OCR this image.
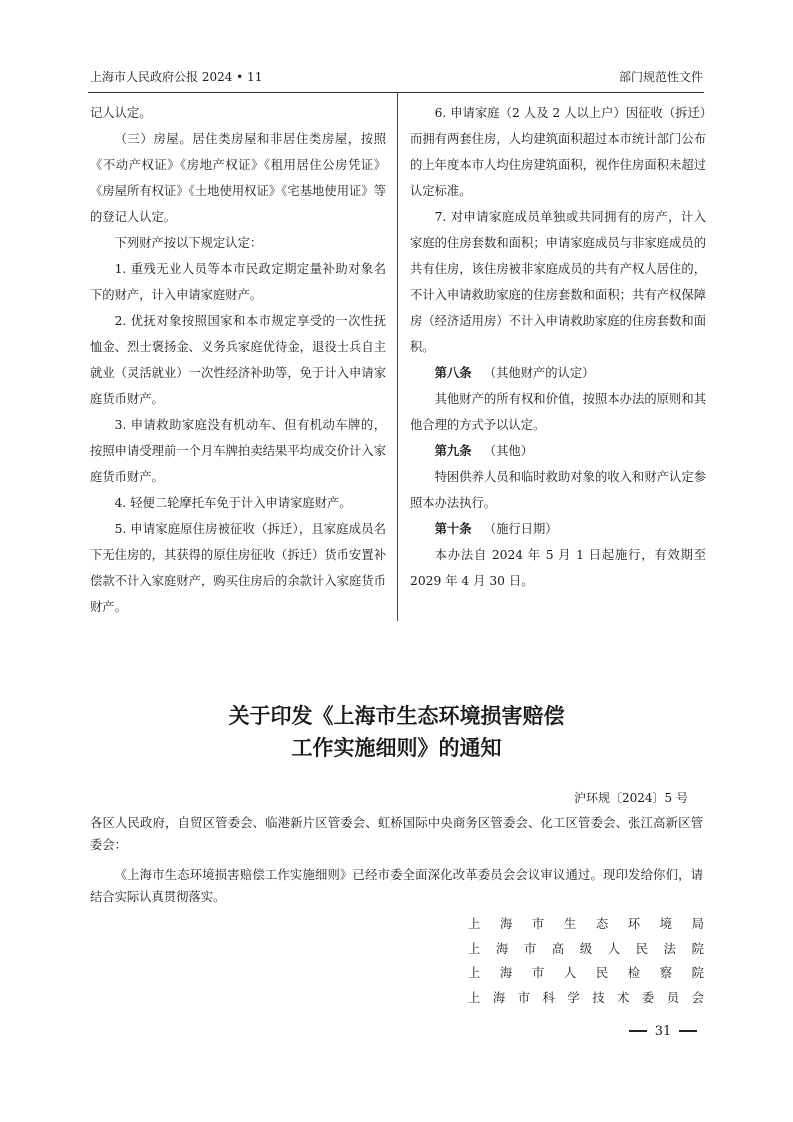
上海市人民政府公报 2024 • 11	部门规范性文件

记人认定。

（三）房屋。居住类房屋和非居住类房屋，按照《不动产权证》《房地产权证》《租用居住公房凭证》《房屋所有权证》《土地使用权证》《宅基地使用证》等的登记人认定。

下列财产按以下规定认定：

1. 重残无业人员等本市民政定期定量补助对象名下的财产，计入申请家庭财产。

2. 优抚对象按照国家和本市规定享受的一次性抚恤金、烈士褒扬金、义务兵家庭优待金，退役士兵自主就业（灵活就业）一次性经济补助等，免于计入申请家庭货币财产。

3. 申请救助家庭没有机动车、但有机动车牌的，按照申请受理前一个月车牌拍卖结果平均成交价计入家庭货币财产。

4. 轻便二轮摩托车免于计入申请家庭财产。

5. 申请家庭原住房被征收（拆迁），且家庭成员名下无住房的，其获得的原住房征收（拆迁）货币安置补偿款不计入家庭财产，购买住房后的余款计入家庭货币财产。

6. 申请家庭（2 人及 2 人以上户）因征收（拆迁）而拥有两套住房，人均建筑面积超过本市统计部门公布的上年度本市人均住房建筑面积，视作住房面积未超过认定标准。

7. 对申请家庭成员单独或共同拥有的房产，计入家庭的住房套数和面积；申请家庭成员与非家庭成员的共有住房，该住房被非家庭成员的共有产权人居住的，不计入申请救助家庭的住房套数和面积；共有产权保障房（经济适用房）不计入申请救助家庭的住房套数和面积。

第八条 （其他财产的认定）

其他财产的所有权和价值，按照本办法的原则和其他合理的方式予以认定。

第九条 （其他）

特困供养人员和临时救助对象的收入和财产认定参照本办法执行。

第十条 （施行日期）

本办法自 2024 年 5 月 1 日起施行，有效期至 2029 年 4 月 30 日。

关于印发《上海市生态环境损害赔偿
工作实施细则》的通知
沪环规〔2024〕5 号

各区人民政府，自贸区管委会、临港新片区管委会、虹桥国际中央商务区管委会、化工区管委会、张江高新区管委会：

《上海市生态环境损害赔偿工作实施细则》已经市委全面深化改革委员会会议审议通过。现印发给你们，请结合实际认真贯彻落实。

上 海 市 生 态 环 境 局
上 海 市 高 级 人 民 法 院
上 海 市 人 民 检 察 院
上 海 市 科 学 技 术 委 员 会
31
